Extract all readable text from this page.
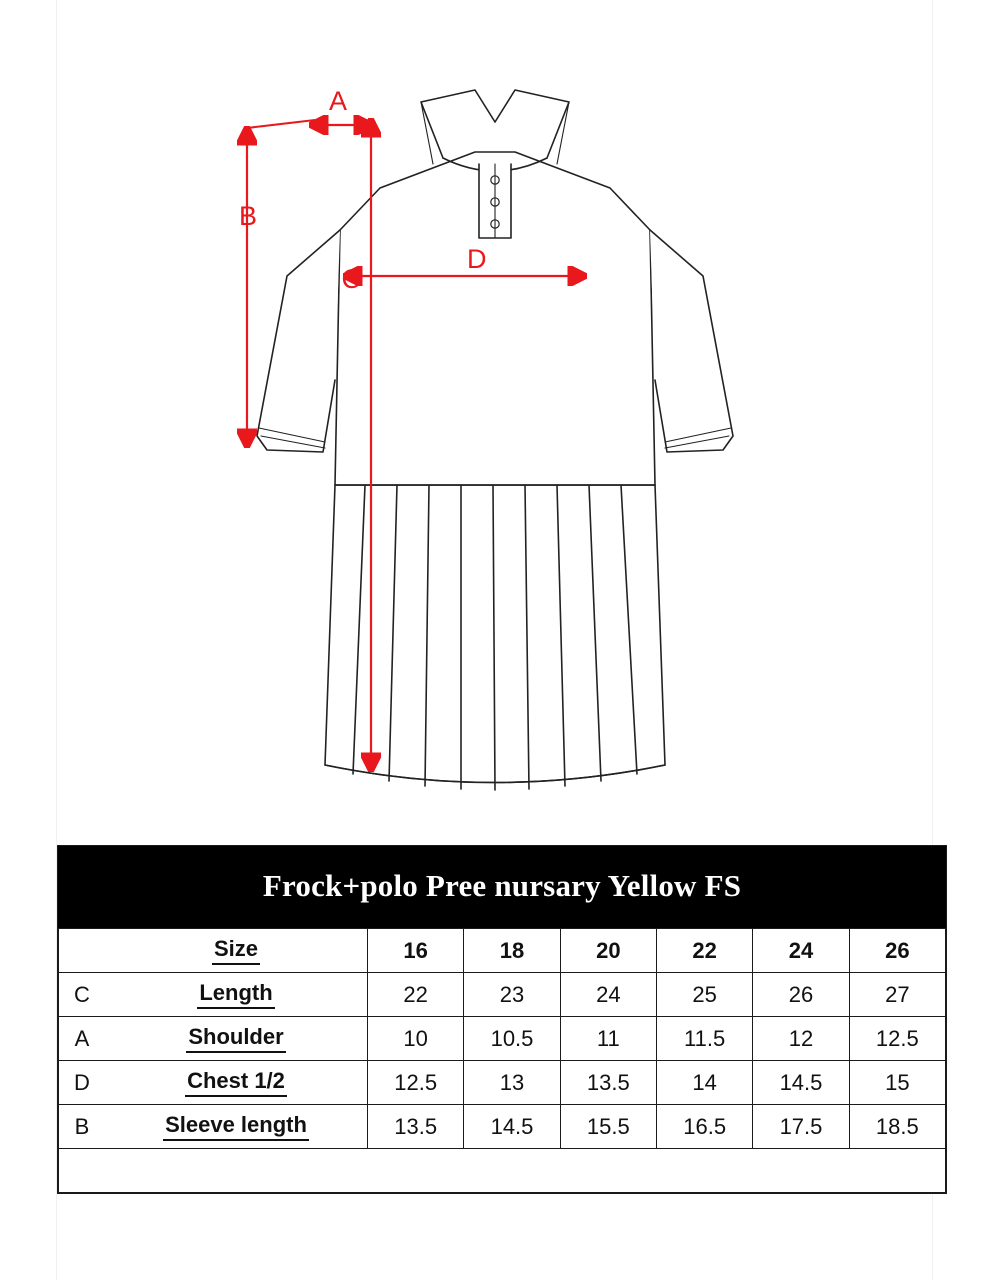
A
B
C
D
Frock+polo Pree nursary Yellow FS
	Size	16	18	20	22	24	26
C	Length	22	23	24	25	26	27
A	Shoulder	10	10.5	11	11.5	12	12.5
D	Chest 1/2	12.5	13	13.5	14	14.5	15
B	Sleeve length	13.5	14.5	15.5	16.5	17.5	18.5
